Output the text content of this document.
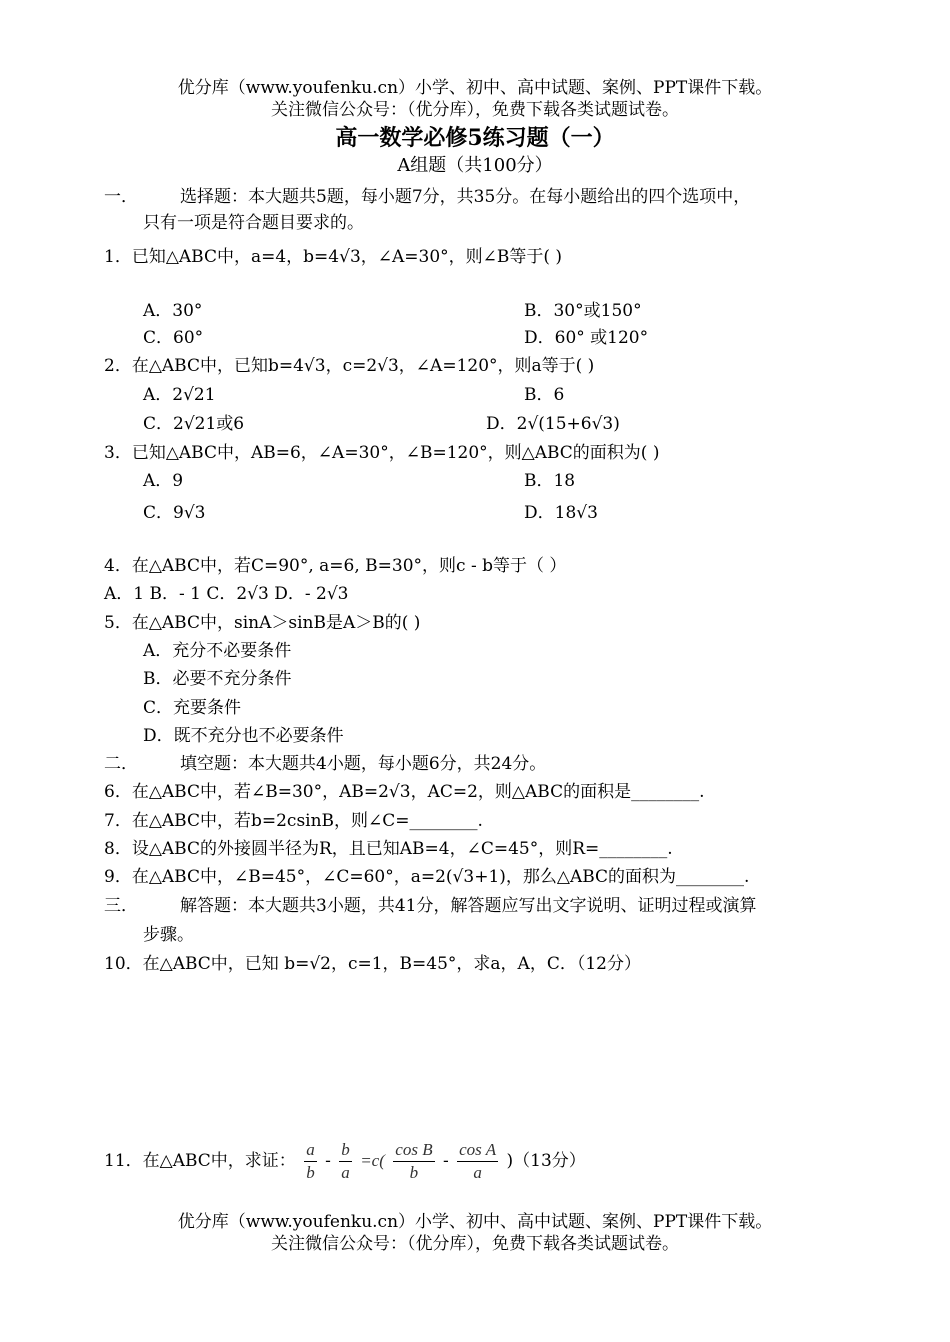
优分库（www.youfenku.cn）小学、初中、高中试题、案例、PPT课件下载。
关注微信公众号：（优分库），免费下载各类试题试卷。
高一数学必修5练习题（一）
A组题（共100分）
一． 选择题：本大题共5题，每小题7分，共35分。在每小题给出的四个选项中，
只有一项是符合题目要求的。
1．已知△ABC中，a=4，b=4√3，∠A=30°，则∠B等于( )
A．30°	B．30°或150°
C．60°	D．60° 或120°
2．在△ABC中，已知b=4√3，c=2√3，∠A=120°，则a等于( )
A．2√21	B．6
C．2√21或6	D．2√(15+6√3)
3．已知△ABC中，AB=6，∠A=30°，∠B=120°，则△ABC的面积为( )
A．9	B．18
C．9√3	D．18√3
4．在△ABC中，若C=90°, a=6, B=30°，则c - b等于（ ）
A．1 B．- 1 C．2√3 D．- 2√3
5．在△ABC中，sinA＞sinB是A＞B的( )
A．充分不必要条件
B．必要不充分条件
C．充要条件
D．既不充分也不必要条件
二． 填空题：本大题共4小题，每小题6分，共24分。
6．在△ABC中，若∠B=30°，AB=2√3，AC=2，则△ABC的面积是________.
7．在△ABC中，若b=2csinB，则∠C=________.
8．设△ABC的外接圆半径为R，且已知AB=4，∠C=45°，则R=________.
9．在△ABC中，∠B=45°，∠C=60°，a=2(√3+1)，那么△ABC的面积为________.
三． 解答题：本大题共3小题，共41分，解答题应写出文字说明、证明过程或演算
步骤。
10．在△ABC中，已知 b=√2，c=1，B=45°，求a，A，C．（12分）
11．在△ABC中，求证： $\frac{a}{b} - \frac{b}{a} =c( \frac{\text{cos B}}{b} - \frac{\text{cos A}}{a} )(13$分）
优分库（www.youfenku.cn）小学、初中、高中试题、案例、PPT课件下载。
关注微信公众号：（优分库），免费下载各类试题试卷。
